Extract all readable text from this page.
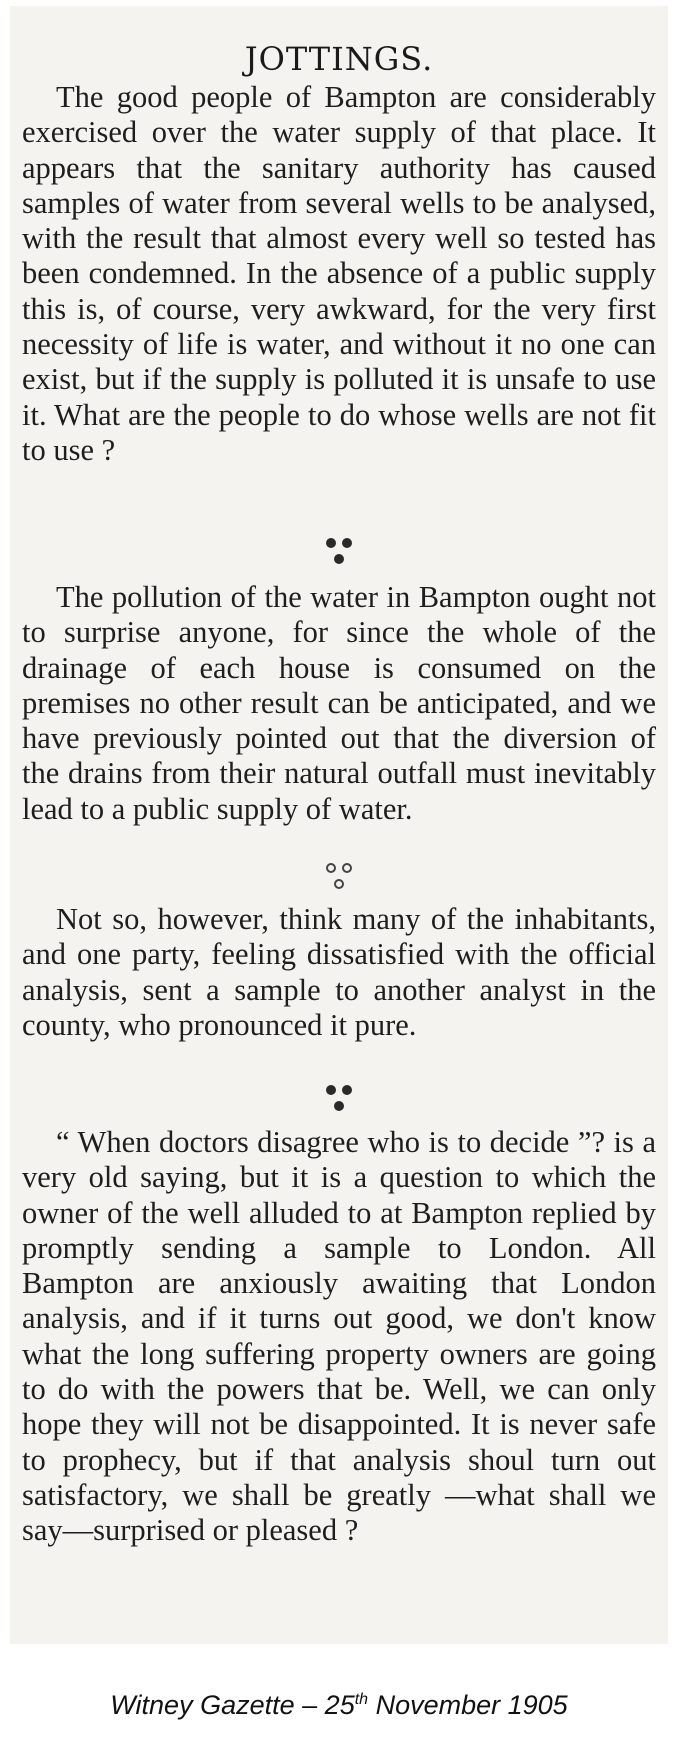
JOTTINGS.

The good people of Bampton are considerably exercised over the water supply of that place. It appears that the sanitary authority has caused samples of water from several wells to be analysed, with the result that almost every well so tested has been condemned. In the absence of a public supply this is, of course, very awkward, for the very first necessity of life is water, and without it no one can exist, but if the supply is polluted it is unsafe to use it. What are the people to do whose wells are not fit to use ?

The pollution of the water in Bampton ought not to surprise anyone, for since the whole of the drainage of each house is consumed on the premises no other result can be anticipated, and we have previously pointed out that the diversion of the drains from their natural outfall must inevitably lead to a public supply of water.

Not so, however, think many of the inhabitants, and one party, feeling dissatisfied with the official analysis, sent a sample to another analyst in the county, who pronounced it pure.

“ When doctors disagree who is to decide ”? is a very old saying, but it is a question to which the owner of the well alluded to at Bampton replied by promptly sending a sample to London. All Bampton are anxiously awaiting that London analysis, and if it turns out good, we don't know what the long suffering property owners are going to do with the powers that be. Well, we can only hope they will not be disappointed. It is never safe to prophecy, but if that analysis shoul turn out satisfactory, we shall be greatly —what shall we say—surprised or pleased ?

Witney Gazette – 25th November 1905
